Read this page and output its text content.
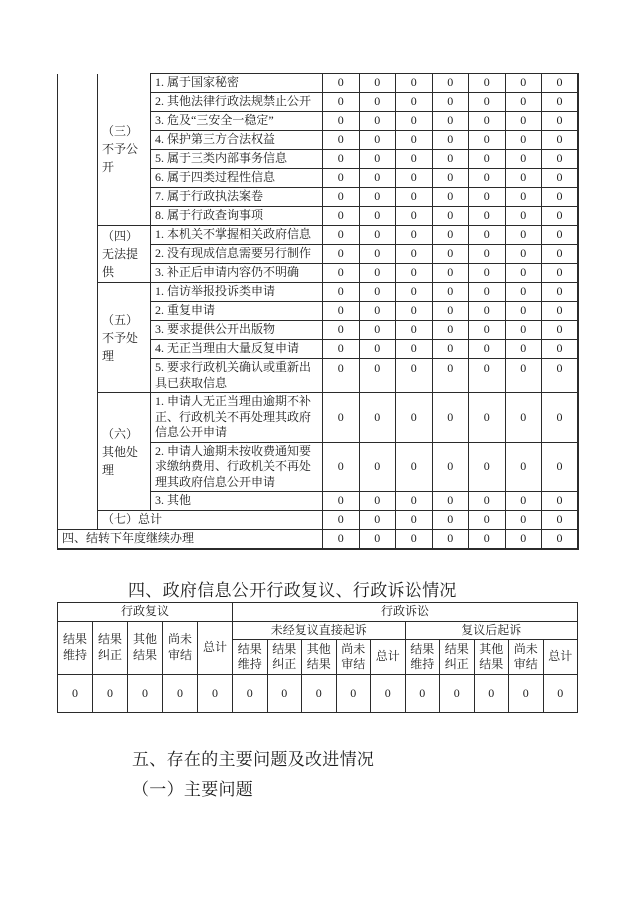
	（三）不予公开	1. 属于国家秘密	0	0	0	0	0	0	0
		2. 其他法律行政法规禁止公开	0	0	0	0	0	0	0
		3. 危及“三安全一稳定”	0	0	0	0	0	0	0
		4. 保护第三方合法权益	0	0	0	0	0	0	0
		5. 属于三类内部事务信息	0	0	0	0	0	0	0
		6. 属于四类过程性信息	0	0	0	0	0	0	0
		7. 属于行政执法案卷	0	0	0	0	0	0	0
		8. 属于行政查询事项	0	0	0	0	0	0	0
	（四）无法提供	1. 本机关不掌握相关政府信息	0	0	0	0	0	0	0
		2. 没有现成信息需要另行制作	0	0	0	0	0	0	0
		3. 补正后申请内容仍不明确	0	0	0	0	0	0	0
	（五）不予处理	1. 信访举报投诉类申请	0	0	0	0	0	0	0
		2. 重复申请	0	0	0	0	0	0	0
		3. 要求提供公开出版物	0	0	0	0	0	0	0
		4. 无正当理由大量反复申请	0	0	0	0	0	0	0
		5. 要求行政机关确认或重新出具已获取信息	0	0	0	0	0	0	0
	（六）其他处理	1. 申请人无正当理由逾期不补正、行政机关不再处理其政府信息公开申请	0	0	0	0	0	0	0
		2. 申请人逾期未按收费通知要求缴纳费用、行政机关不再处理其政府信息公开申请	0	0	0	0	0	0	0
		3. 其他	0	0	0	0	0	0	0
	（七）总计		0	0	0	0	0	0	0
四、结转下年度继续办理			0	0	0	0	0	0	0
四、政府信息公开行政复议、行政诉讼情况
行政复议					行政诉讼									
结果维持	结果纠正	其他结果	尚未审结	总计	未经复议直接起诉					复议后起诉				
					结果维持	结果纠正	其他结果	尚未审结	总计	结果维持	结果纠正	其他结果	尚未审结	总计
0	0	0	0	0	0	0	0	0	0	0	0	0	0	0
五、存在的主要问题及改进情况
（一）主要问题
